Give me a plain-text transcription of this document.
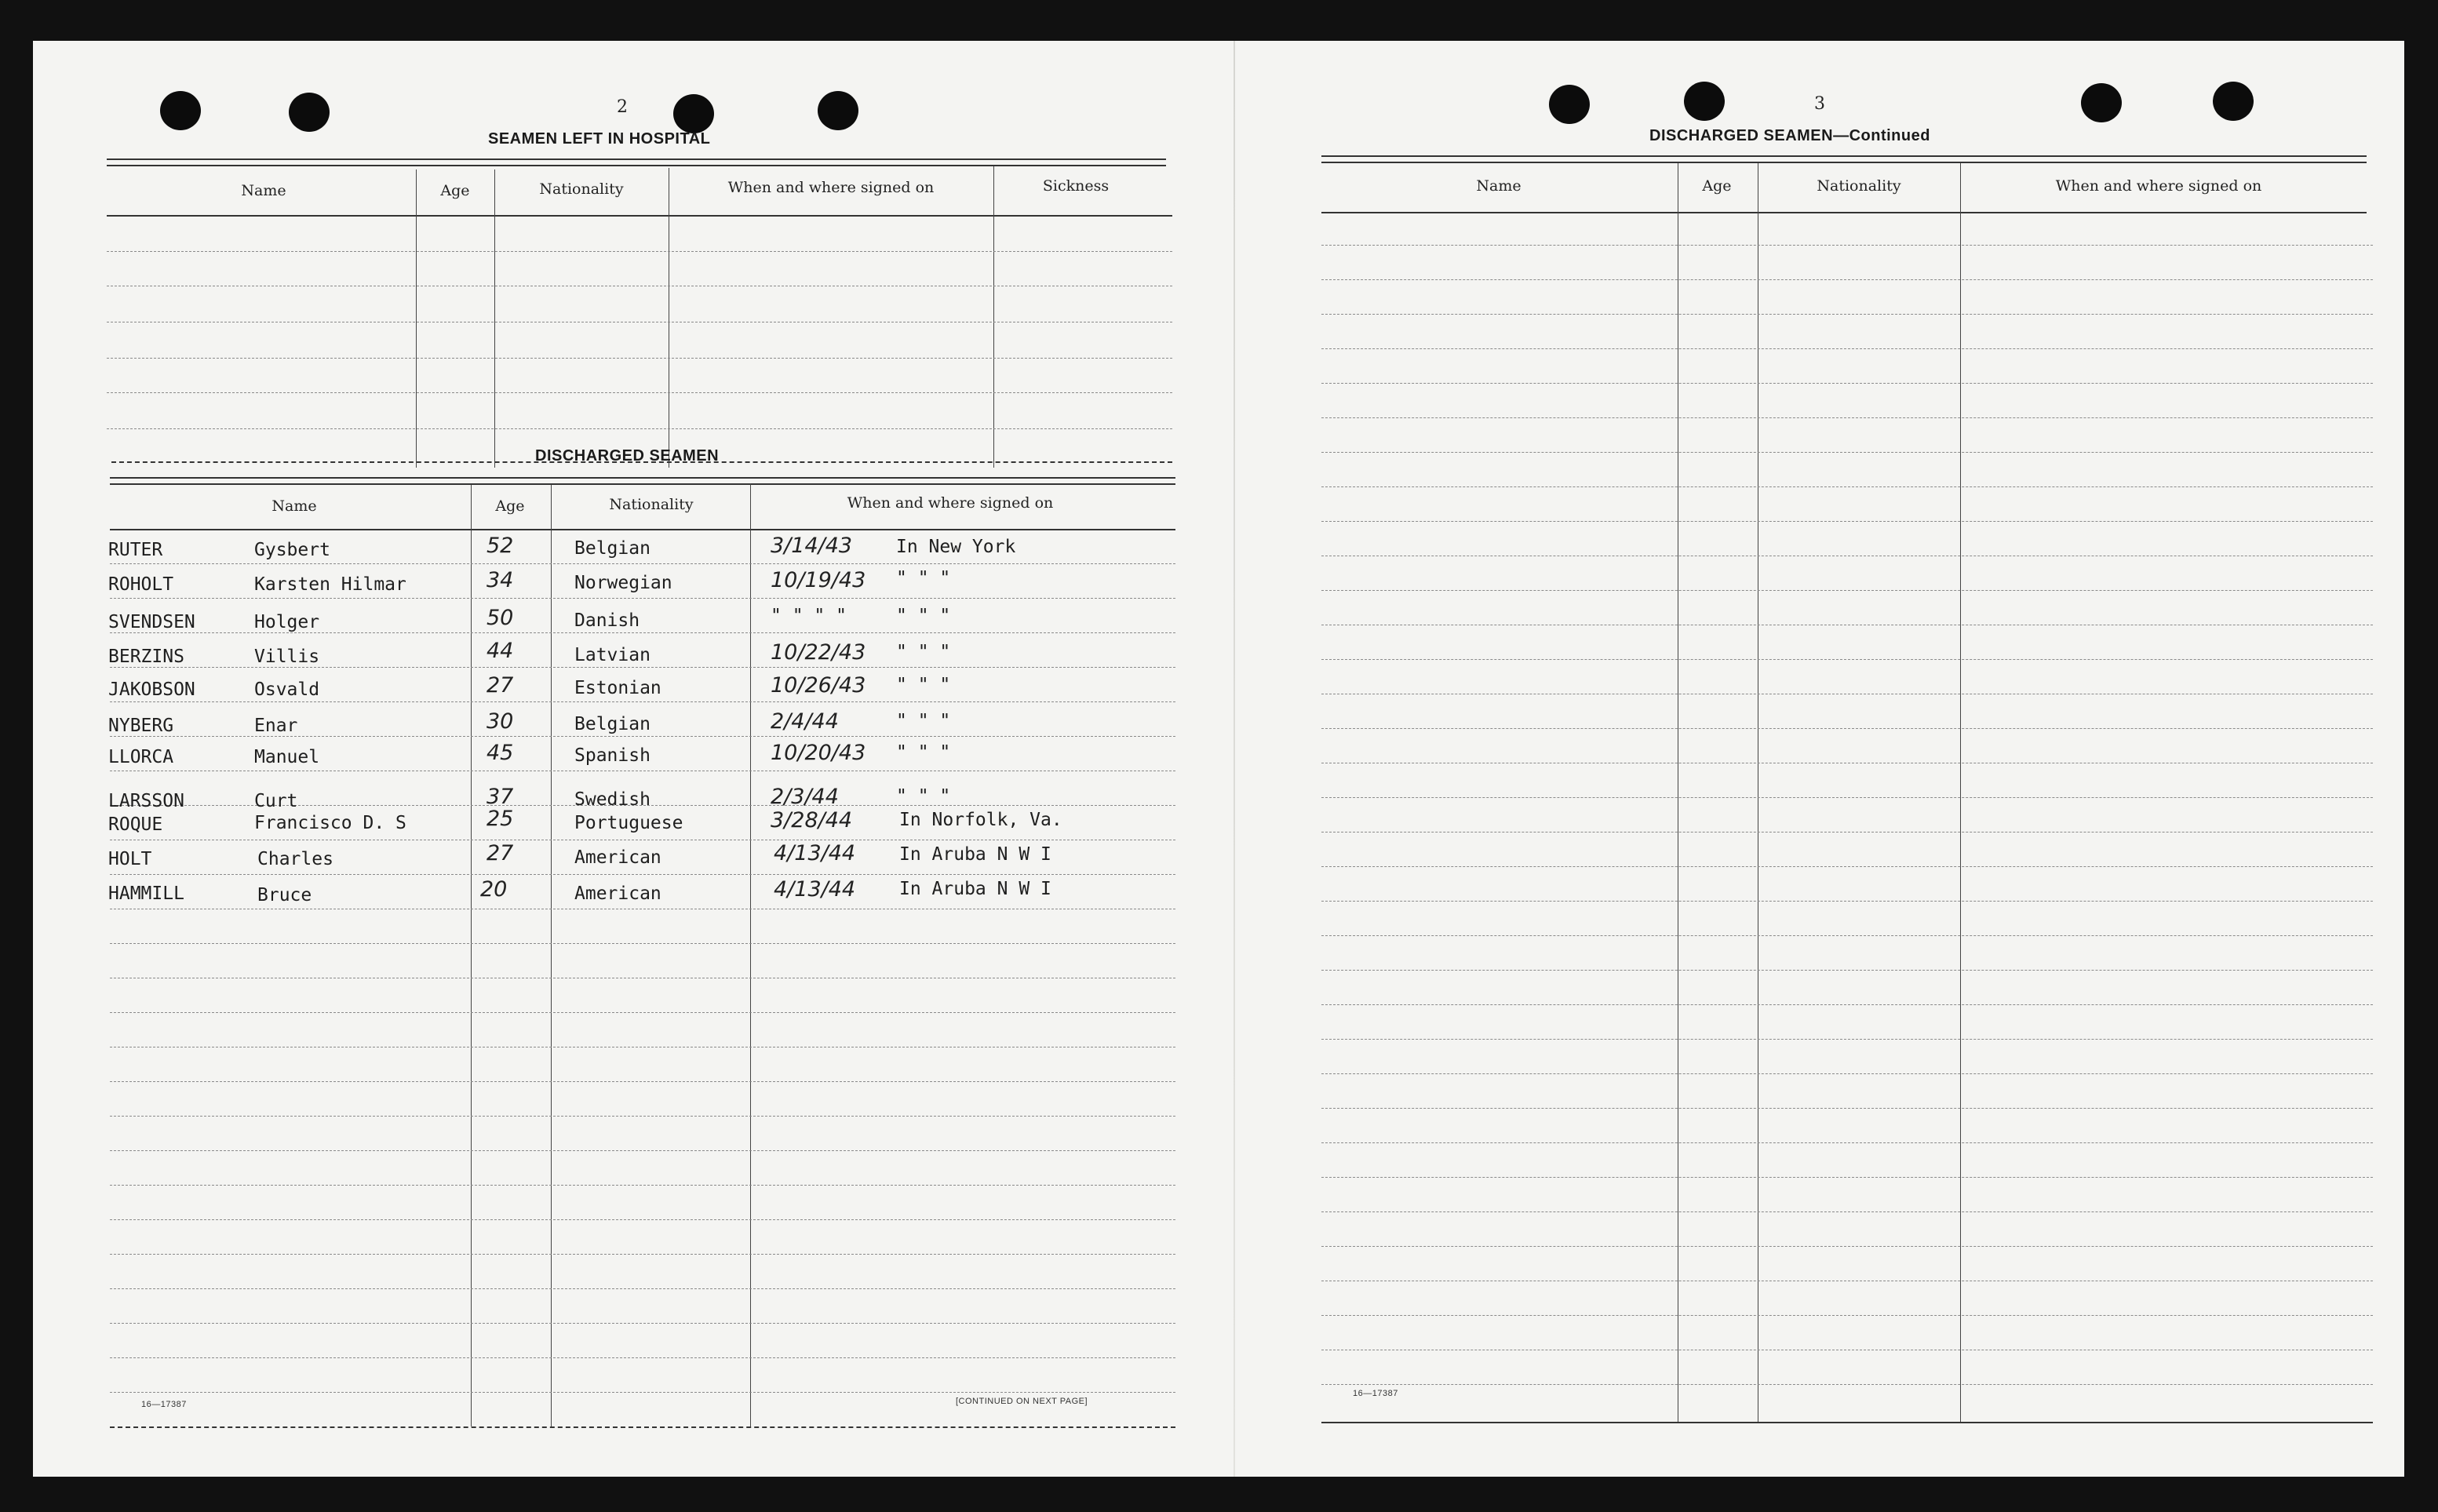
2
SEAMEN LEFT IN HOSPITAL
Name	Age	Nationality	When and where signed on	Sickness
DISCHARGED SEAMEN
Name	Age	Nationality	When and where signed on
RUTER	Gysbert	52	Belgian	3/14/43 In New York
ROHOLT	Karsten Hilmar	34	Norwegian	10/19/43 " " "
SVENDSEN	Holger	50	Danish	" " " "	" " "
BERZINS	Villis	44	Latvian	10/22/43 " " "
JAKOBSON	Osvald	27	Estonian	10/26/43 " " "
NYBERG	Enar	30	Belgian	2/4/44	" " "
LLORCA	Manuel	45	Spanish	10/20/43 " " "
LARSSON	Curt	37	Swedish	2/3/44	" " "
ROQUE	Francisco D. S	25	Portuguese	3/28/44	In Norfolk, Va.
HOLT	Charles	27	American	4/13/44 In Aruba N W I
HAMMILL	Bruce	20	American	4/13/44 In Aruba N W I
16—17387	[CONTINUED ON NEXT PAGE]
3
DISCHARGED SEAMEN—Continued
Name	Age	Nationality	When and where signed on
16—17387
